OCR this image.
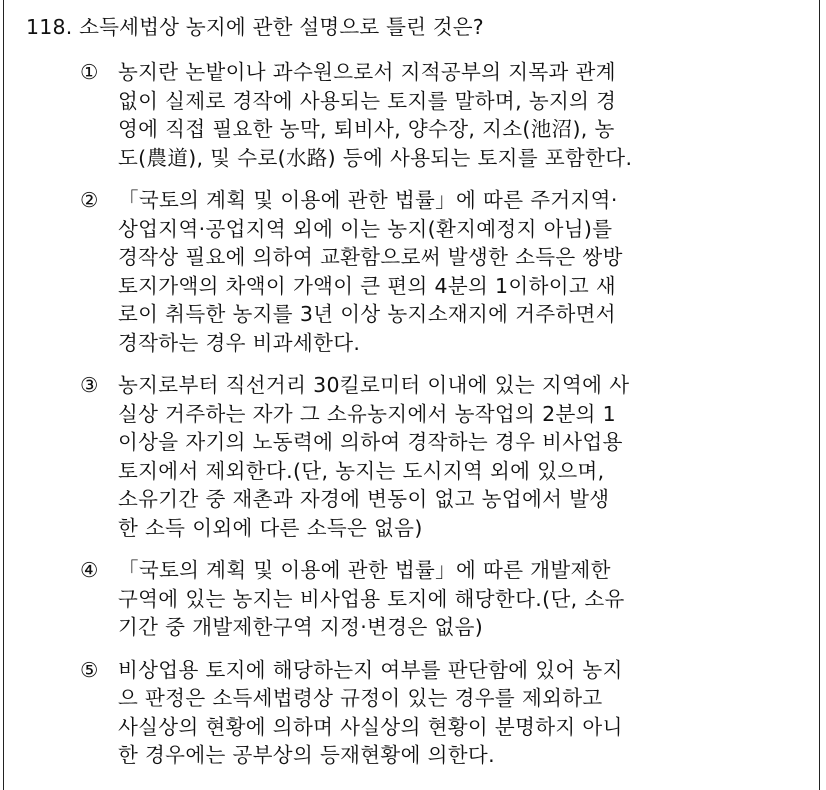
118. 소득세법상 농지에 관한 설명으로 틀린 것은?
① 농지란 논밭이나 과수원으로서 지적공부의 지목과 관계
없이 실제로 경작에 사용되는 토지를 말하며, 농지의 경
영에 직접 필요한 농막, 퇴비사, 양수장, 지소(池沼), 농
도(農道), 및 수로(水路) 등에 사용되는 토지를 포함한다.
② 「국토의 계획 및 이용에 관한 법률」에 따른 주거지역·
상업지역·공업지역 외에 이는 농지(환지예정지 아님)를
경작상 필요에 의하여 교환함으로써 발생한 소득은 쌍방
토지가액의 차액이 가액이 큰 편의 4분의 1이하이고 새
로이 취득한 농지를 3년 이상 농지소재지에 거주하면서
경작하는 경우 비과세한다.
③ 농지로부터 직선거리 30킬로미터 이내에 있는 지역에 사
실상 거주하는 자가 그 소유농지에서 농작업의 2분의 1
이상을 자기의 노동력에 의하여 경작하는 경우 비사업용
토지에서 제외한다.(단, 농지는 도시지역 외에 있으며,
소유기간 중 재촌과 자경에 변동이 없고 농업에서 발생
한 소득 이외에 다른 소득은 없음)
④ 「국토의 계획 및 이용에 관한 법률」에 따른 개발제한
구역에 있는 농지는 비사업용 토지에 해당한다.(단, 소유
기간 중 개발제한구역 지정·변경은 없음)
⑤ 비상업용 토지에 해당하는지 여부를 판단함에 있어 농지
으 판정은 소득세법령상 규정이 있는 경우를 제외하고
사실상의 현황에 의하며 사실상의 현황이 분명하지 아니
한 경우에는 공부상의 등재현황에 의한다.
